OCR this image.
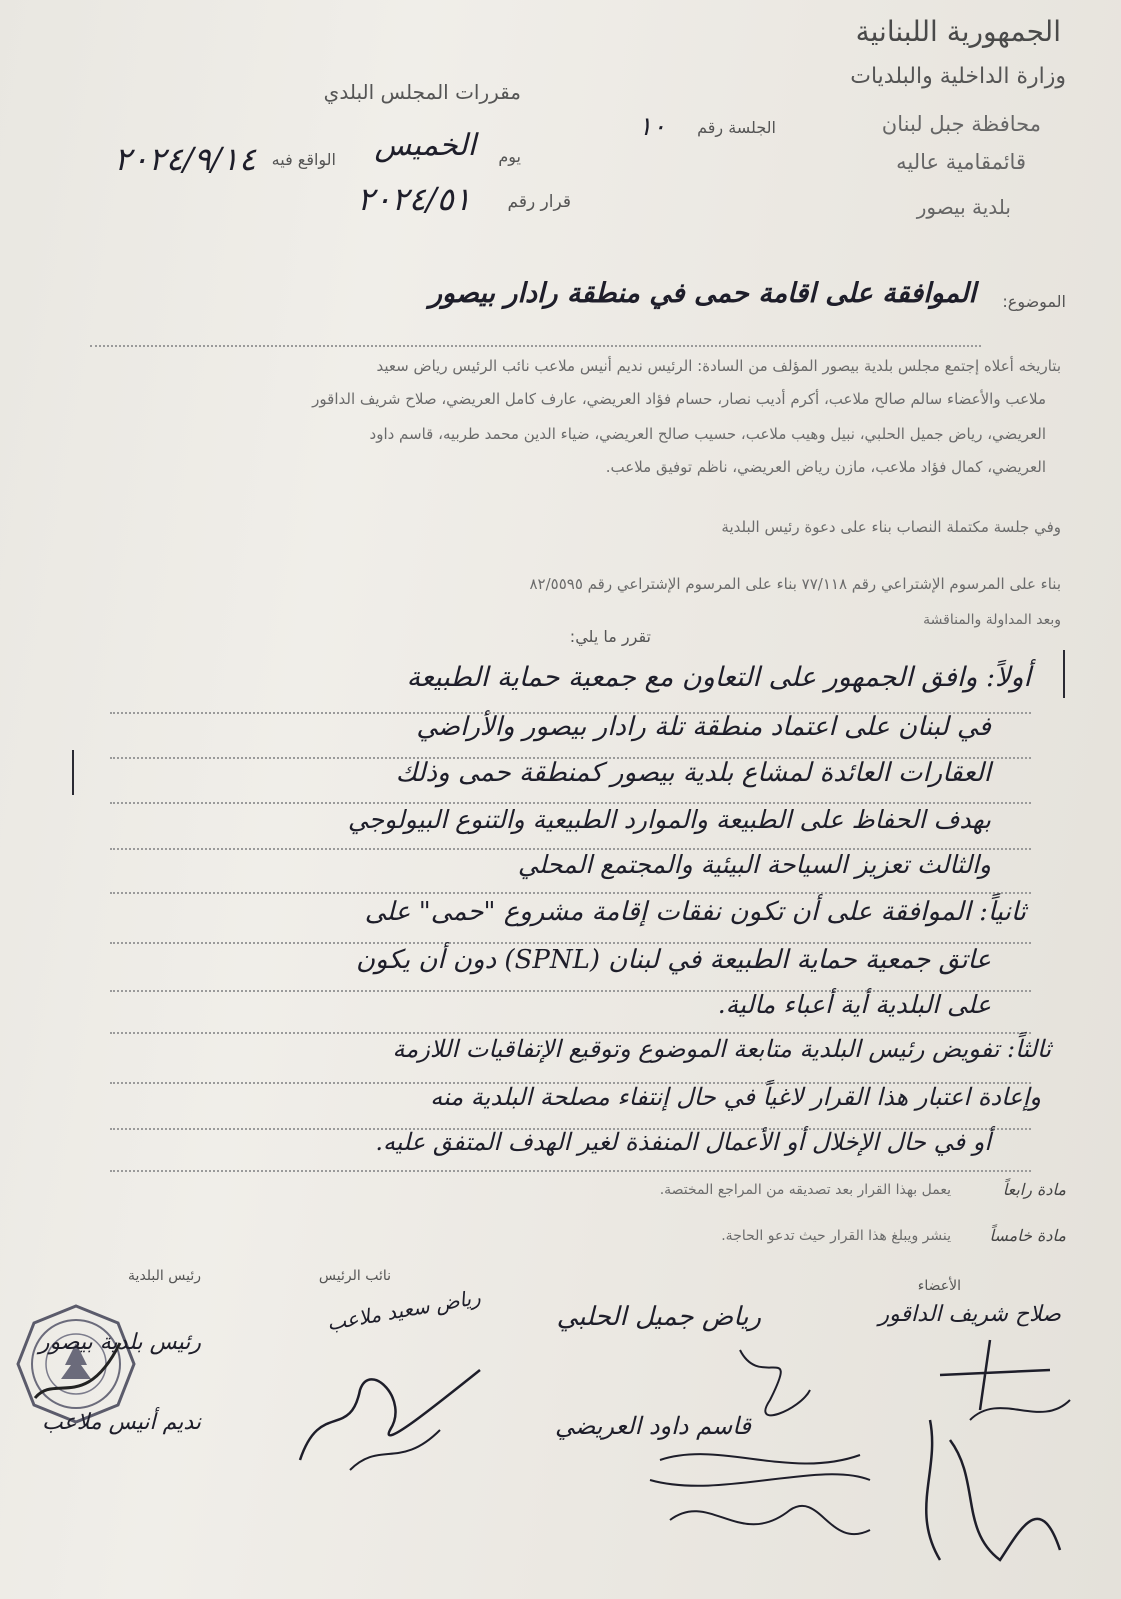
الجمهورية اللبنانية
وزارة الداخلية والبلديات
محافظة جبل لبنان
قائمقامية عاليه
بلدية بيصور
مقررات المجلس البلدي
الجلسة رقم
١٠
يوم
الخميس
الواقع فيه
٢٠٢٤/٩/١٤
قرار رقم
٢٠٢٤/٥١
الموضوع:
الموافقة على اقامة حمى في منطقة رادار بيصور
بتاريخه أعلاه إجتمع مجلس بلدية بيصور المؤلف من السادة: الرئيس نديم أنيس ملاعب نائب الرئيس رياض سعيد
ملاعب والأعضاء سالم صالح ملاعب، أكرم أديب نصار، حسام فؤاد العريضي، عارف كامل العريضي، صلاح شريف الداقور
العريضي، رياض جميل الحلبي، نبيل وهيب ملاعب، حسيب صالح العريضي، ضياء الدين محمد طربيه، قاسم داود
العريضي، كمال فؤاد ملاعب، مازن رياض العريضي، ناظم توفيق ملاعب.
وفي جلسة مكتملة النصاب بناء على دعوة رئيس البلدية
بناء على المرسوم الإشتراعي رقم ٧٧/١١٨ بناء على المرسوم الإشتراعي رقم ٨٢/٥٥٩٥
وبعد المداولة والمناقشة
تقرر ما يلي:
أولاً: وافق الجمهور على التعاون مع جمعية حماية الطبيعة
في لبنان على اعتماد منطقة تلة رادار بيصور والأراضي
العقارات العائدة لمشاع بلدية بيصور كمنطقة حمى وذلك
بهدف الحفاظ على الطبيعة والموارد الطبيعية والتنوع البيولوجي
والثالث تعزيز السياحة البيئية والمجتمع المحلي
ثانياً: الموافقة على أن تكون نفقات إقامة مشروع "حمى" على
عاتق جمعية حماية الطبيعة في لبنان (SPNL) دون أن يكون
على البلدية أية أعباء مالية.
ثالثاً: تفويض رئيس البلدية متابعة الموضوع وتوقيع الإتفاقيات اللازمة
وإعادة اعتبار هذا القرار لاغياً في حال إنتفاء مصلحة البلدية منه
أو في حال الإخلال أو الأعمال المنفذة لغير الهدف المتفق عليه.
مادة رابعاً
يعمل بهذا القرار بعد تصديقه من المراجع المختصة.
مادة خامساً
ينشر ويبلغ هذا القرار حيث تدعو الحاجة.
رئيس البلدية	نائب الرئيس
الأعضاء
رئيس بلدية بيصور
نديم أنيس ملاعب
رياض سعيد ملاعب	صلاح شريف الداقور
رياض جميل الحلبي
قاسم داود العريضي
